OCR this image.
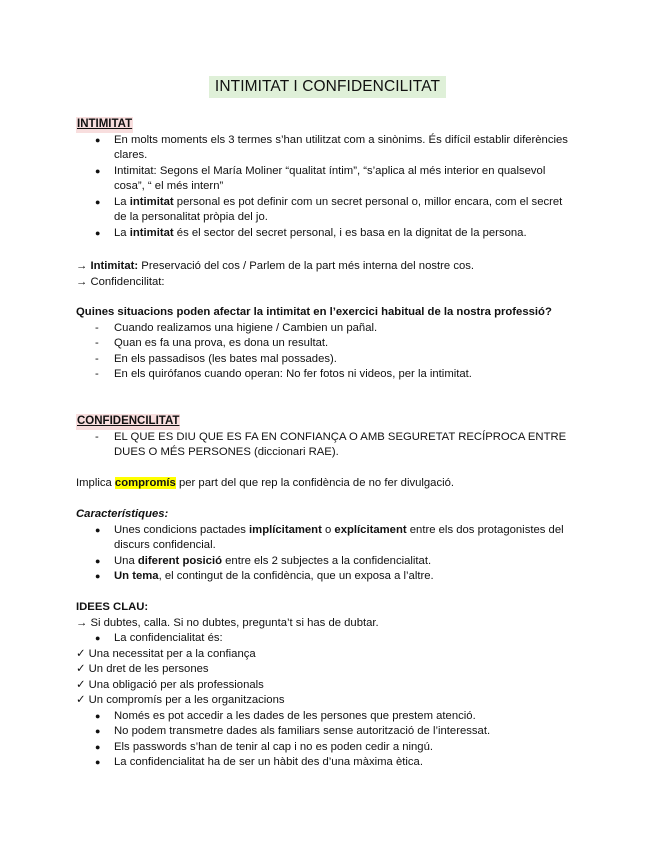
INTIMITAT I CONFIDENCILITAT
INTIMITAT
● En molts moments els 3 termes s’han utilitzat com a sinònims. És difícil establir diferències clares.
● Intimitat: Segons el María Moliner “qualitat íntim”, “s’aplica al més interior en qualsevol cosa”, “ el més intern”
● La intimitat personal es pot definir com un secret personal o, millor encara, com el secret de la personalitat pròpia del jo.
● La intimitat és el sector del secret personal, i es basa en la dignitat de la persona.
→ Intimitat: Preservació del cos / Parlem de la part més interna del nostre cos.
→ Confidencilitat:
Quines situacions poden afectar la intimitat en l’exercici habitual de la nostra professió?
- Cuando realizamos una higiene / Cambien un pañal.
- Quan es fa una prova, es dona un resultat.
- En els passadisos (les bates mal possades).
- En els quirófanos cuando operan: No fer fotos ni videos, per la intimitat.
CONFIDENCILITAT
- EL QUE ES DIU QUE ES FA EN CONFIANÇA O AMB SEGURETAT RECÍPROCA ENTRE DUES O MÉS PERSONES (diccionari RAE).
Implica compromís per part del que rep la confidència de no fer divulgació.
Característiques:
● Unes condicions pactades implícitament o explícitament entre els dos protagonistes del discurs confidencial.
● Una diferent posició entre els 2 subjectes a la confidencialitat.
● Un tema, el contingut de la confidència, que un exposa a l’altre.
IDEES CLAU:
→ Si dubtes, calla. Si no dubtes, pregunta’t si has de dubtar.
● La confidencialitat és:
✓ Una necessitat per a la confiança
✓ Un dret de les persones
✓ Una obligació per als professionals
✓ Un compromís per a les organitzacions
● Només es pot accedir a les dades de les persones que prestem atenció.
● No podem transmetre dades als familiars sense autorització de l’interessat.
● Els passwords s’han de tenir al cap i no es poden cedir a ningú.
● La confidencialitat ha de ser un hàbit des d’una màxima ètica.
